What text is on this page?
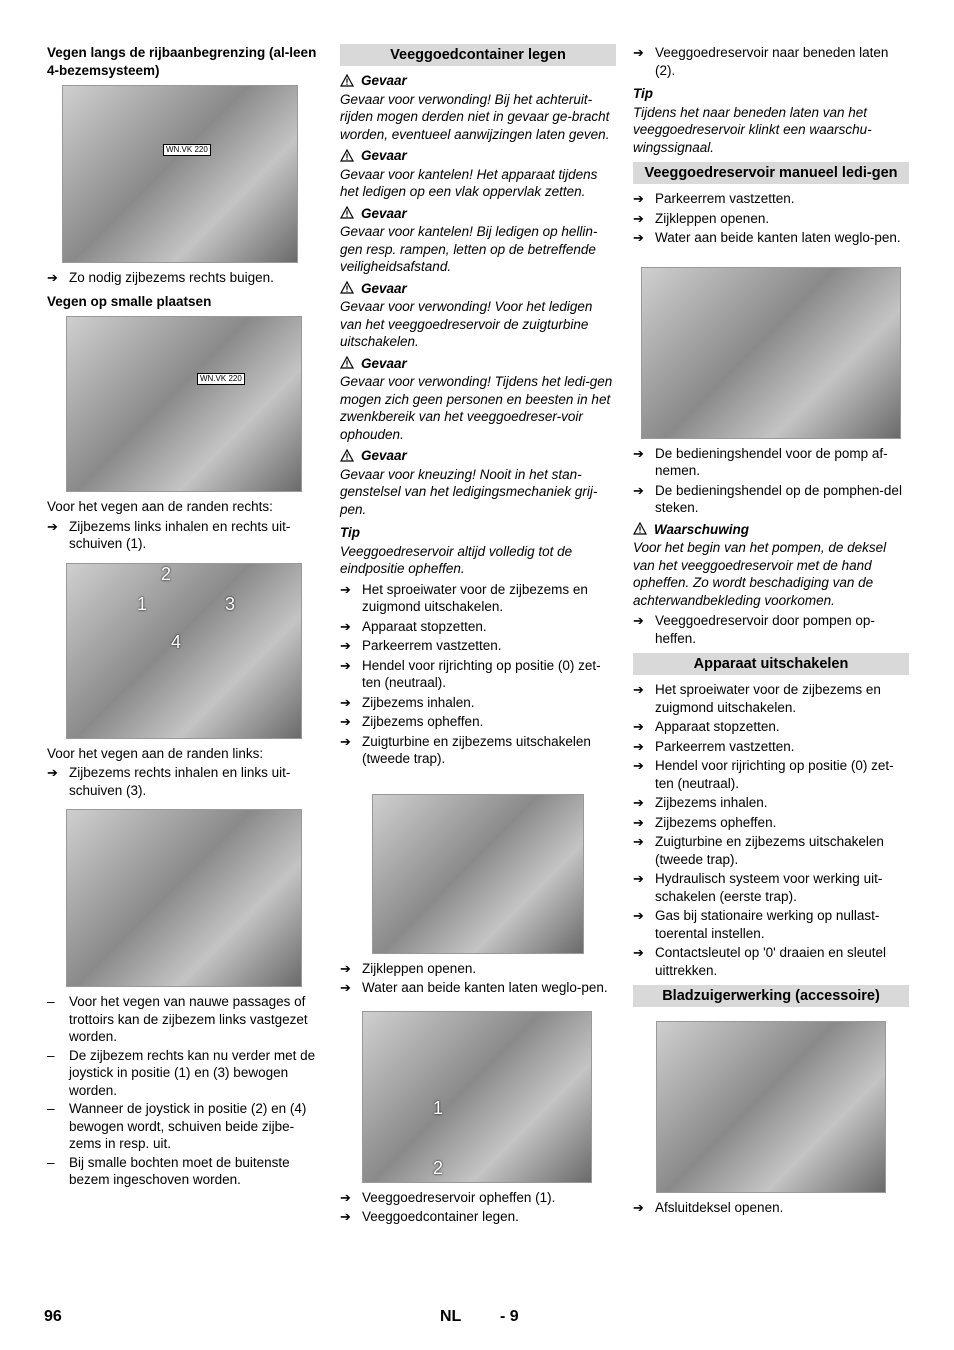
Vegen langs de rijbaanbegrenzing (al-leen 4-bezemsysteem)
WN.VK 220
➔ Zo nodig zijbezems rechts buigen.
Vegen op smalle plaatsen
WN.VK 220
Voor het vegen aan de randen rechts:
➔ Zijbezems links inhalen en rechts uit-schuiven (1).
1
2
3
4
Voor het vegen aan de randen links:
➔ Zijbezems rechts inhalen en links uit-schuiven (3).
–	Voor het vegen van nauwe passages of trottoirs kan de zijbezem links vastgezet worden.
–	De zijbezem rechts kan nu verder met de joystick in positie (1) en (3) bewogen worden.
–	Wanneer de joystick in positie (2) en (4) bewogen wordt, schuiven beide zijbe-zems in resp. uit.
–	Bij smalle bochten moet de buitenste bezem ingeschoven worden.
Veeggoedcontainer legen
Gevaar
Gevaar voor verwonding! Bij het achteruit-rijden mogen derden niet in gevaar ge-bracht worden, eventueel aanwijzingen laten geven.
Gevaar
Gevaar voor kantelen! Het apparaat tijdens het ledigen op een vlak oppervlak zetten.
Gevaar
Gevaar voor kantelen! Bij ledigen op hellin-gen resp. rampen, letten op de betreffende veiligheidsafstand.
Gevaar
Gevaar voor verwonding! Voor het ledigen van het veeggoedreservoir de zuigturbine uitschakelen.
Gevaar
Gevaar voor verwonding! Tijdens het ledi-gen mogen zich geen personen en beesten in het zwenkbereik van het veeggoedreser-voir ophouden.
Gevaar
Gevaar voor kneuzing! Nooit in het stan-genstelsel van het ledigingsmechaniek grij-pen.
Tip
Veeggoedreservoir altijd volledig tot de eindpositie opheffen.
➔ Het sproeiwater voor de zijbezems en zuigmond uitschakelen.
➔ Apparaat stopzetten.
➔ Parkeerrem vastzetten.
➔ Hendel voor rijrichting op positie (0) zet-ten (neutraal).
➔ Zijbezems inhalen.
➔ Zijbezems opheffen.
➔ Zuigturbine en zijbezems uitschakelen (tweede trap).
➔ Zijkleppen openen.
➔ Water aan beide kanten laten weglo-pen.
1
2
➔ Veeggoedreservoir opheffen (1).
➔ Veeggoedcontainer legen.
➔ Veeggoedreservoir naar beneden laten (2).
Tip
Tijdens het naar beneden laten van het veeggoedreservoir klinkt een waarschu-wingssignaal.
Veeggoedreservoir manueel ledi-gen
➔ Parkeerrem vastzetten.
➔ Zijkleppen openen.
➔ Water aan beide kanten laten weglo-pen.
➔ De bedieningshendel voor de pomp af-nemen.
➔ De bedieningshendel op de pomphen-del steken.
Waarschuwing
Voor het begin van het pompen, de deksel van het veeggoedreservoir met de hand opheffen. Zo wordt beschadiging van de achterwandbekleding voorkomen.
➔ Veeggoedreservoir door pompen op-heffen.
Apparaat uitschakelen
➔ Het sproeiwater voor de zijbezems en zuigmond uitschakelen.
➔ Apparaat stopzetten.
➔ Parkeerrem vastzetten.
➔ Hendel voor rijrichting op positie (0) zet-ten (neutraal).
➔ Zijbezems inhalen.
➔ Zijbezems opheffen.
➔ Zuigturbine en zijbezems uitschakelen (tweede trap).
➔ Hydraulisch systeem voor werking uit-schakelen (eerste trap).
➔ Gas bij stationaire werking op nullast-toerental instellen.
➔ Contactsleutel op '0' draaien en sleutel uittrekken.
Bladzuigerwerking (accessoire)
➔ Afsluitdeksel openen.
96	NL - 9
